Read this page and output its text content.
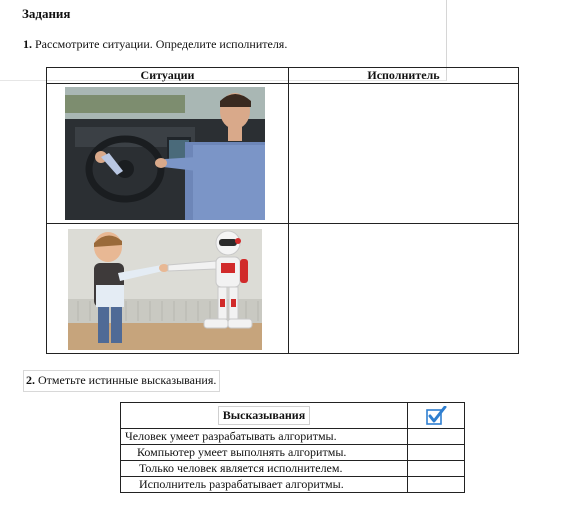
Задания
1. Рассмотрите ситуации. Определите исполнителя.
Ситуации	Исполнитель

2. Отметьте истинные высказывания.
Высказывания	
Человек умеет разрабатывать алгоритмы.	
Компьютер умеет выполнять алгоритмы.	
Только человек является исполнителем.	
Исполнитель разрабатывает алгоритмы.	
